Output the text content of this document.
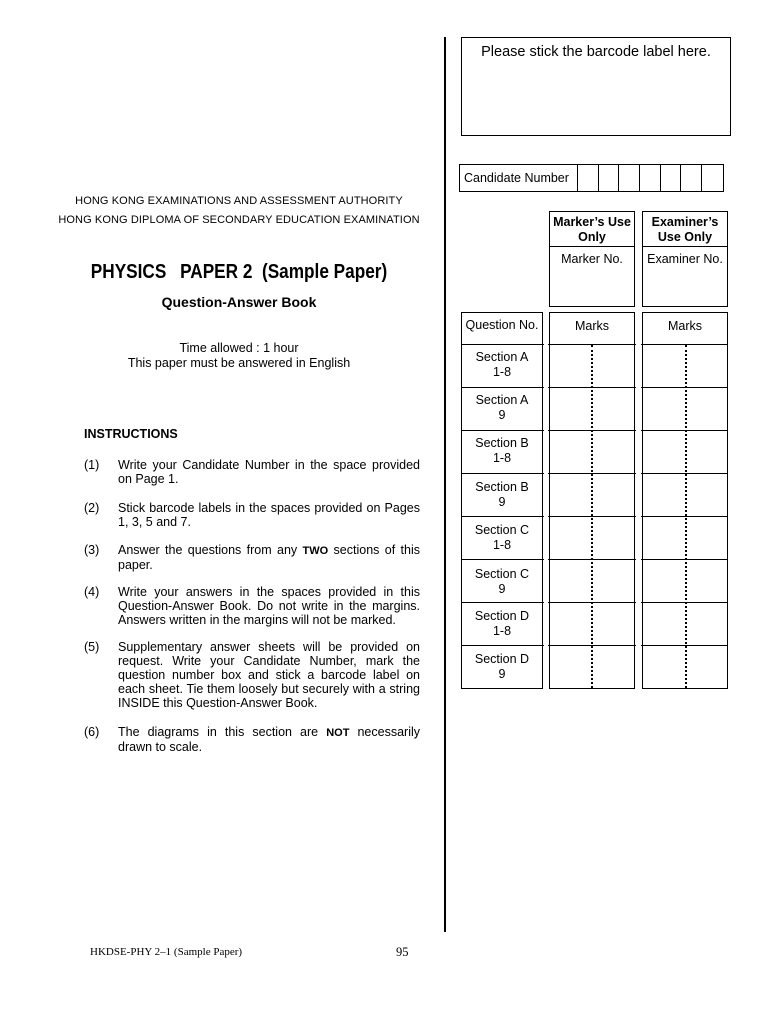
HONG KONG EXAMINATIONS AND ASSESSMENT AUTHORITY
HONG KONG DIPLOMA OF SECONDARY EDUCATION EXAMINATION
PHYSICS PAPER 2 (Sample Paper)
Question-Answer Book
Time allowed : 1 hour
This paper must be answered in English
INSTRUCTIONS
(1) Write your Candidate Number in the space provided on Page 1.
(2) Stick barcode labels in the spaces provided on Pages 1, 3, 5 and 7.
(3) Answer the questions from any TWO sections of this paper.
(4) Write your answers in the spaces provided in this Question-Answer Book. Do not write in the margins. Answers written in the margins will not be marked.
(5) Supplementary answer sheets will be provided on request. Write your Candidate Number, mark the question number box and stick a barcode label on each sheet. Tie them loosely but securely with a string INSIDE this Question-Answer Book.
(6) The diagrams in this section are NOT necessarily drawn to scale.
HKDSE-PHY 2–1 (Sample Paper)	95
Please stick the barcode label here.
Candidate Number
Marker’s Use Only
Marker No.
Examiner’s Use Only
Examiner No.
Question No.	Marks	Marks
Section A
1-8
Section A
9
Section B
1-8
Section B
9
Section C
1-8
Section C
9
Section D
1-8
Section D
9
